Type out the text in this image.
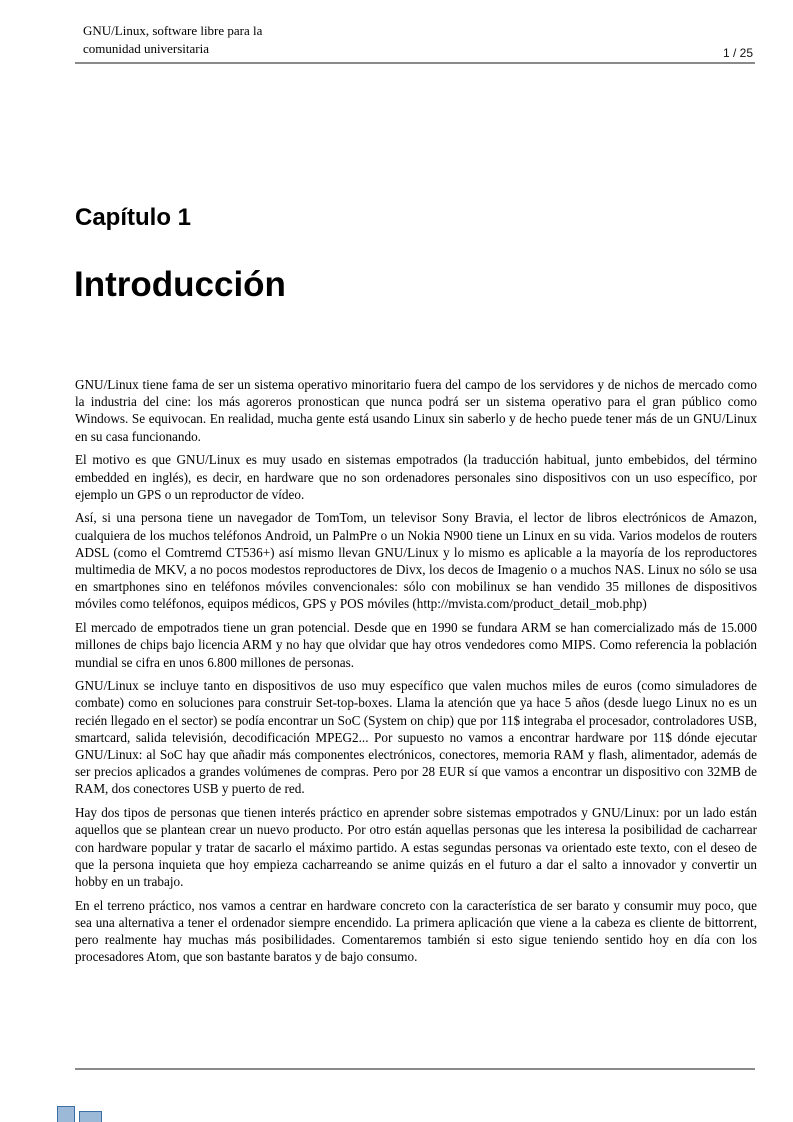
GNU/Linux, software libre para la
comunidad universitaria	1 / 25
Capítulo 1
Introducción

GNU/Linux tiene fama de ser un sistema operativo minoritario fuera del campo de los servidores y de nichos de mercado como la industria del cine: los más agoreros pronostican que nunca podrá ser un sistema operativo para el gran público como Windows. Se equivocan. En realidad, mucha gente está usando Linux sin saberlo y de hecho puede tener más de un GNU/Linux en su casa funcionando.

El motivo es que GNU/Linux es muy usado en sistemas empotrados (la traducción habitual, junto embebidos, del término embedded en inglés), es decir, en hardware que no son ordenadores personales sino dispositivos con un uso específico, por ejemplo un GPS o un reproductor de vídeo.

Así, si una persona tiene un navegador de TomTom, un televisor Sony Bravia, el lector de libros electrónicos de Amazon, cualquiera de los muchos teléfonos Android, un PalmPre o un Nokia N900 tiene un Linux en su vida. Varios modelos de routers ADSL (como el Comtremd CT536+) así mismo llevan GNU/Linux y lo mismo es aplicable a la mayoría de los reproductores multimedia de MKV, a no pocos modestos reproductores de Divx, los decos de Imagenio o a muchos NAS. Linux no sólo se usa en smartphones sino en teléfonos móviles convencionales: sólo con mobilinux se han vendido 35 millones de dispositivos móviles como teléfonos, equipos médicos, GPS y POS móviles (http://mvista.com/product_detail_mob.php)

El mercado de empotrados tiene un gran potencial. Desde que en 1990 se fundara ARM se han comercializado más de 15.000 millones de chips bajo licencia ARM y no hay que olvidar que hay otros vendedores como MIPS. Como referencia la población mundial se cifra en unos 6.800 millones de personas.

GNU/Linux se incluye tanto en dispositivos de uso muy específico que valen muchos miles de euros (como simuladores de combate) como en soluciones para construir Set-top-boxes. Llama la atención que ya hace 5 años (desde luego Linux no es un recién llegado en el sector) se podía encontrar un SoC (System on chip) que por 11$ integraba el procesador, controladores USB, smartcard, salida televisión, decodificación MPEG2... Por supuesto no vamos a encontrar hardware por 11$ dónde ejecutar GNU/Linux: al SoC hay que añadir más componentes electrónicos, conectores, memoria RAM y flash, alimentador, además de ser precios aplicados a grandes volúmenes de compras. Pero por 28 EUR sí que vamos a encontrar un dispositivo con 32MB de RAM, dos conectores USB y puerto de red.

Hay dos tipos de personas que tienen interés práctico en aprender sobre sistemas empotrados y GNU/Linux: por un lado están aquellos que se plantean crear un nuevo producto. Por otro están aquellas personas que les interesa la posibilidad de cacharrear con hardware popular y tratar de sacarlo el máximo partido. A estas segundas personas va orientado este texto, con el deseo de que la persona inquieta que hoy empieza cacharreando se anime quizás en el futuro a dar el salto a innovador y convertir un hobby en un trabajo.

En el terreno práctico, nos vamos a centrar en hardware concreto con la característica de ser barato y consumir muy poco, que sea una alternativa a tener el ordenador siempre encendido. La primera aplicación que viene a la cabeza es cliente de bittorrent, pero realmente hay muchas más posibilidades. Comentaremos también si esto sigue teniendo sentido hoy en día con los procesadores Atom, que son bastante baratos y de bajo consumo.
